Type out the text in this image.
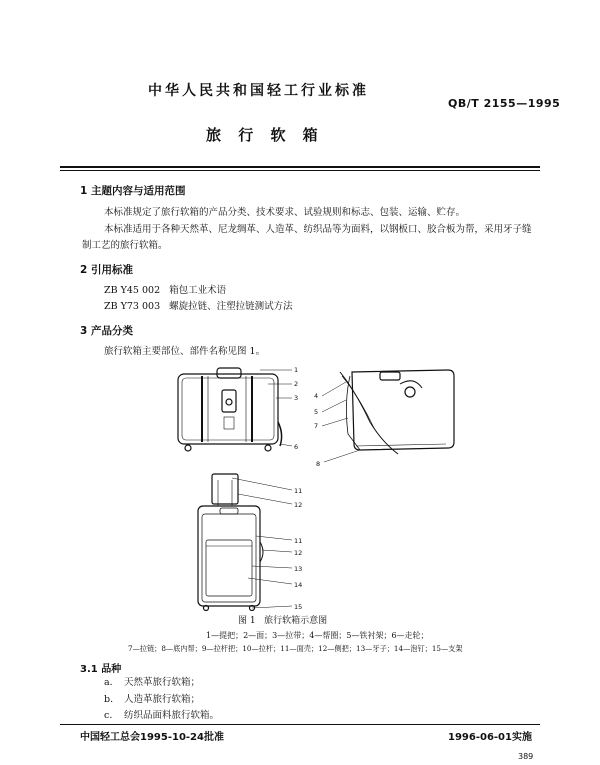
中华人民共和国轻工行业标准
QB/T 2155—1995
旅 行 软 箱
1 主题内容与适用范围
本标准规定了旅行软箱的产品分类、技术要求、试验规则和标志、包装、运输、贮存。
本标准适用于各种天然革、尼龙绸革、人造革、纺织品等为面料，以钢板口、胶合板为帮，采用牙子缝
制工艺的旅行软箱。
2 引用标准
ZB Y45 002   箱包工业术语
ZB Y73 003   螺旋拉链、注塑拉链测试方法
3 产品分类
旅行软箱主要部位、部件名称见图 1。
1
2
3
6
4
5
7
8
11
12
11
12
13
14
15
图 1   旅行软箱示意图
1—提把；2—面；3—拉带；4—帮圈；5—铁衬架；6—走轮；
7—拉链；8—底内帮；9—拉杆把；10—拉杆；11—面壳；12—侧把；13—牙子；14—泡钉；15—支架
3.1 品种
a. 天然革旅行软箱；
b. 人造革旅行软箱；
c. 纺织品面料旅行软箱。
中国轻工总会1995-10-24批准	1996-06-01实施
389
